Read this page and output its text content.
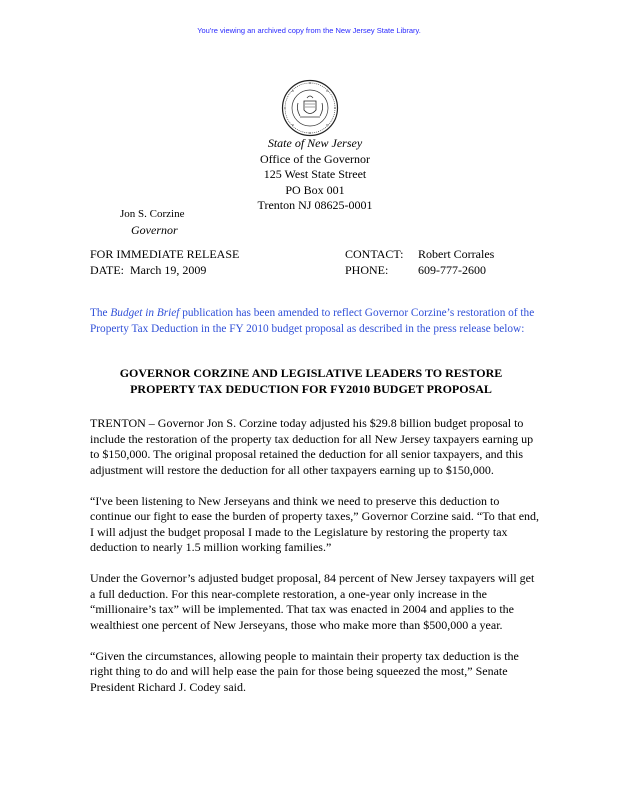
You're viewing an archived copy from the New Jersey State Library.
State of New Jersey
Office of the Governor
125 West State Street
PO Box 001
Trenton NJ 08625-0001
Jon S. Corzine
Governor
FOR IMMEDIATE RELEASE
DATE: March 19, 2009
CONTACT:	Robert Corrales
PHONE:	609-777-2600
The Budget in Brief publication has been amended to reflect Governor Corzine’s restoration of the Property Tax Deduction in the FY 2010 budget proposal as described in the press release below:
GOVERNOR CORZINE AND LEGISLATIVE LEADERS TO RESTORE
PROPERTY TAX DEDUCTION FOR FY2010 BUDGET PROPOSAL

TRENTON – Governor Jon S. Corzine today adjusted his $29.8 billion budget proposal to include the restoration of the property tax deduction for all New Jersey taxpayers earning up to $150,000. The original proposal retained the deduction for all senior taxpayers, and this adjustment will restore the deduction for all other taxpayers earning up to $150,000.

“I've been listening to New Jerseyans and think we need to preserve this deduction to continue our fight to ease the burden of property taxes,” Governor Corzine said. “To that end, I will adjust the budget proposal I made to the Legislature by restoring the property tax deduction to nearly 1.5 million working families.”

Under the Governor’s adjusted budget proposal, 84 percent of New Jersey taxpayers will get a full deduction. For this near-complete restoration, a one-year only increase in the “millionaire’s tax” will be implemented. That tax was enacted in 2004 and applies to the wealthiest one percent of New Jerseyans, those who make more than $500,000 a year.

“Given the circumstances, allowing people to maintain their property tax deduction is the right thing to do and will help ease the pain for those being squeezed the most,” Senate President Richard J. Codey said.
